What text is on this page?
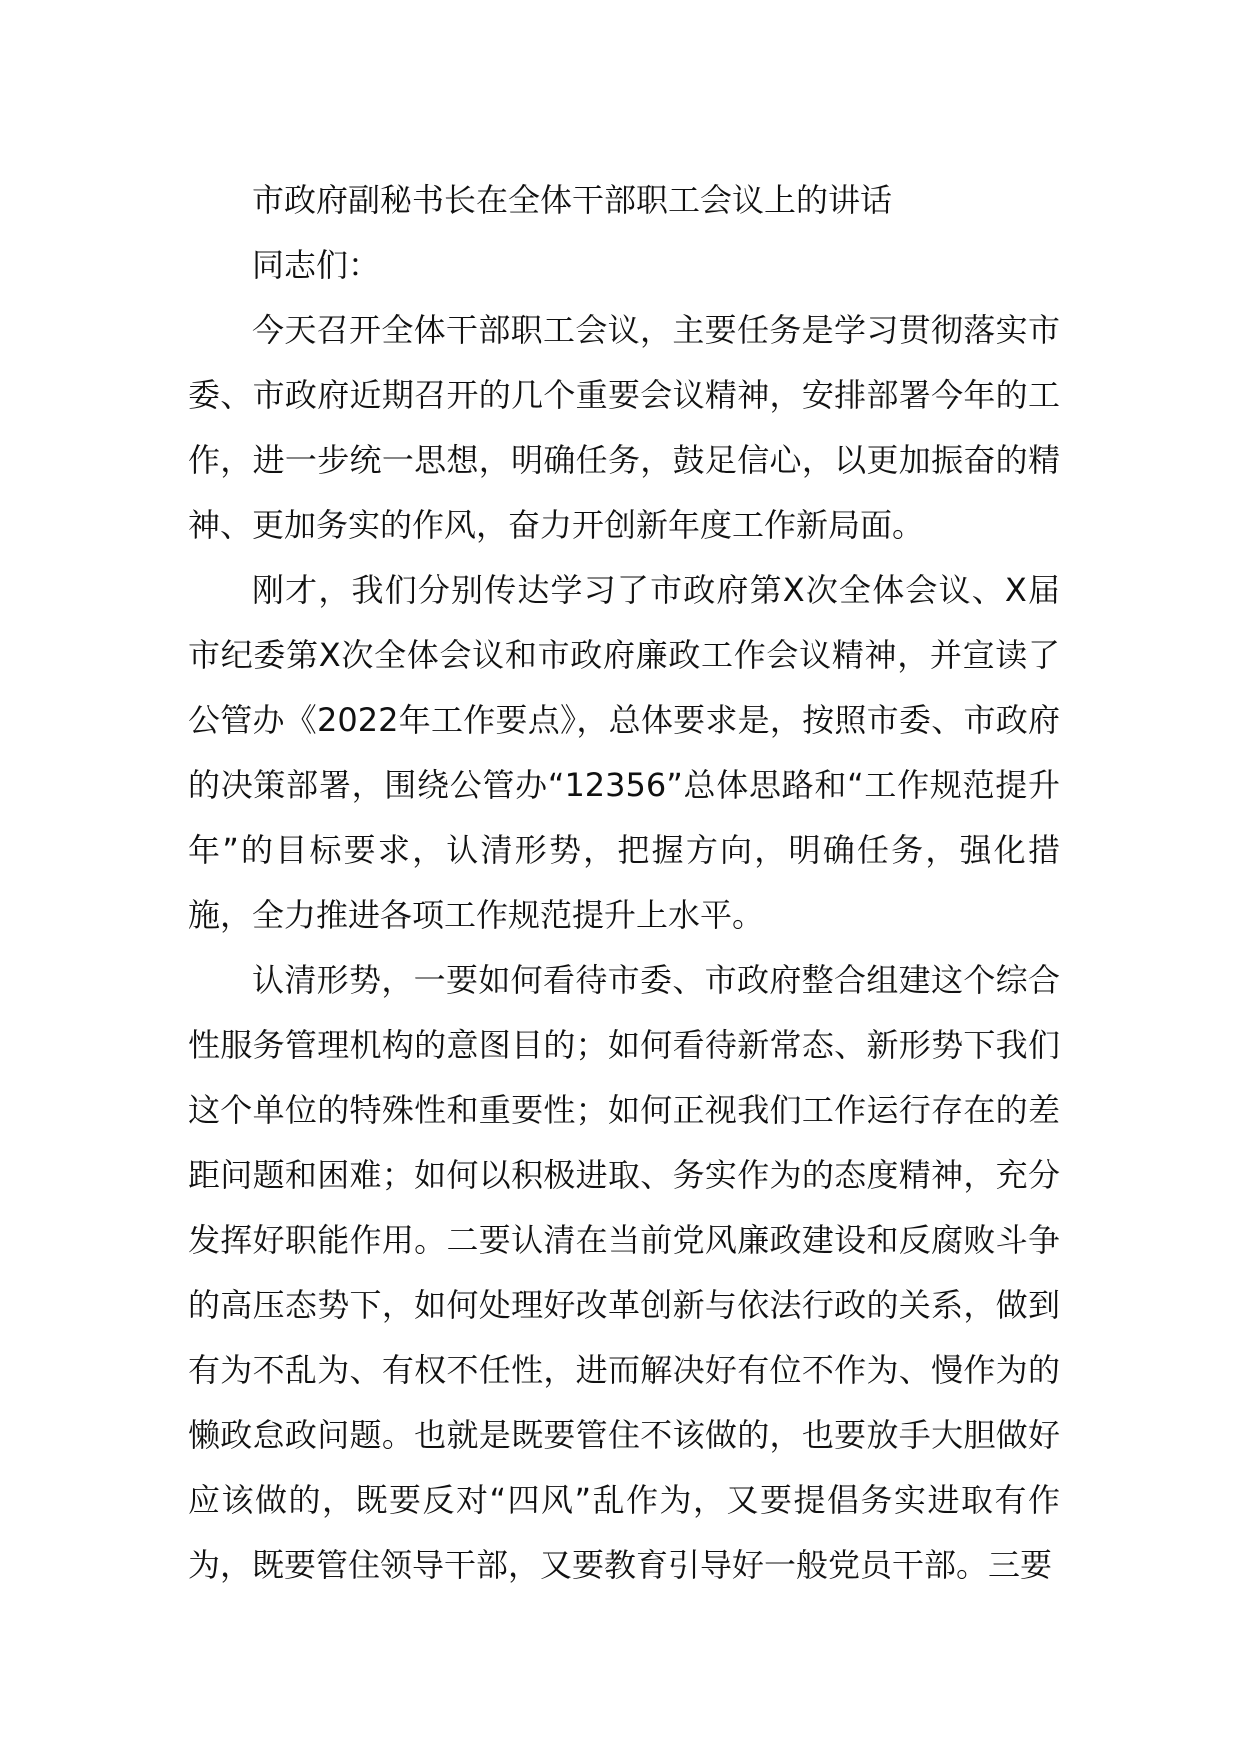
市政府副秘书长在全体干部职工会议上的讲话

同志们：

今天召开全体干部职工会议，主要任务是学习贯彻落实市委、市政府近期召开的几个重要会议精神，安排部署今年的工作，进一步统一思想，明确任务，鼓足信心，以更加振奋的精神、更加务实的作风，奋力开创新年度工作新局面。

刚才，我们分别传达学习了市政府第X次全体会议、X届市纪委第X次全体会议和市政府廉政工作会议精神，并宣读了公管办《2022年工作要点》，总体要求是，按照市委、市政府的决策部署，围绕公管办“12356”总体思路和“工作规范提升年”的目标要求，认清形势，把握方向，明确任务，强化措施，全力推进各项工作规范提升上水平。

认清形势，一要如何看待市委、市政府整合组建这个综合性服务管理机构的意图目的；如何看待新常态、新形势下我们这个单位的特殊性和重要性；如何正视我们工作运行存在的差距问题和困难；如何以积极进取、务实作为的态度精神，充分发挥好职能作用。二要认清在当前党风廉政建设和反腐败斗争的高压态势下，如何处理好改革创新与依法行政的关系，做到有为不乱为、有权不任性，进而解决好有位不作为、慢作为的懒政怠政问题。也就是既要管住不该做的，也要放手大胆做好应该做的，既要反对“四风”乱作为，又要提倡务实进取有作为，既要管住领导干部，又要教育引导好一般党员干部。三要
